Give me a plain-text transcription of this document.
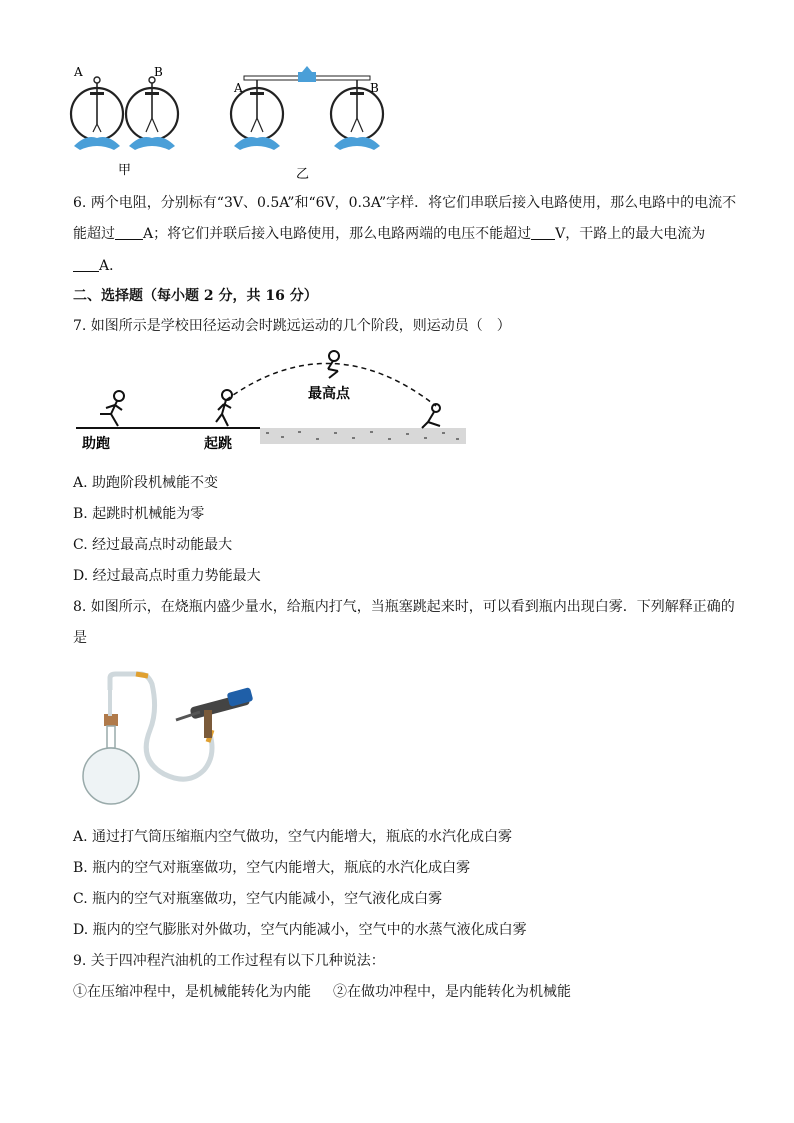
A	B
甲
A	B
乙
6. 两个电阻，分别标有“3V、0.5A”和“6V，0.3A”字样．将它们串联后接入电路使用，那么电路中的电流不
能超过 A；将它们并联后接入电路使用，那么电路两端的电压不能超过 V，干路上的最大电流为
A．
二、选择题（每小题 2 分，共 16 分）
7. 如图所示是学校田径运动会时跳远运动的几个阶段，则运动员（　）
助跑	起跳
最高点
A. 助跑阶段机械能不变
B. 起跳时机械能为零
C. 经过最高点时动能最大
D. 经过最高点时重力势能最大
8. 如图所示，在烧瓶内盛少量水，给瓶内打气，当瓶塞跳起来时，可以看到瓶内出现白雾．下列解释正确的
是
A. 通过打气筒压缩瓶内空气做功，空气内能增大，瓶底的水汽化成白雾
B. 瓶内的空气对瓶塞做功，空气内能增大，瓶底的水汽化成白雾
C. 瓶内的空气对瓶塞做功，空气内能减小，空气液化成白雾
D. 瓶内的空气膨胀对外做功，空气内能减小，空气中的水蒸气液化成白雾
9. 关于四冲程汽油机的工作过程有以下几种说法：
①在压缩冲程中，是机械能转化为内能 ②在做功冲程中，是内能转化为机械能
